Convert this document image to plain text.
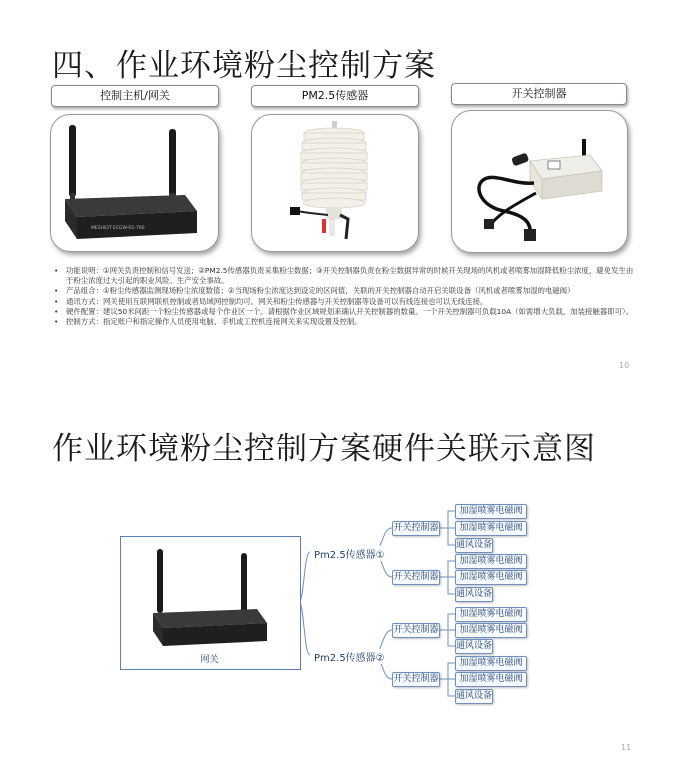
四、作业环境粉尘控制方案
控制主机/网关	PM2.5传感器	开关控制器
MESHIOT ECGW-R1-760

• 功能说明：①网关负责控制和信号发送；②PM2.5传感器负责采集粉尘数据；③开关控制器负责在粉尘数据异常的时候开关现场的风机或者喷雾加湿降低粉尘浓度，避免发生由于粉尘浓度过大引起的职业风险、生产安全事故。

• 产品组合：①粉尘传感器监测现场粉尘浓度数值；②当现场粉尘浓度达到设定的区间值，关联的开关控制器自动开启关联设备（风机或者喷雾加湿的电磁阀）

• 通讯方式：网关使用互联网联机控制或者局域网控制均可。网关和粉尘传感器与开关控制器等设备可以有线连接也可以无线连接。

• 硬件配置：建议50米间距一个粉尘传感器或每个作业区一个。请根据作业区域规划来确认开关控制器的数量。一个开关控制器可负载10A（如需增大负载，加装接触器即可）。

• 控制方式：指定账户和指定操作人员使用电脑、手机或工控机连接网关来实现设置及控制。

10
作业环境粉尘控制方案硬件关联示意图
网关
Pm2.5传感器①
Pm2.5传感器②
开关控制器
开关控制器
开关控制器
开关控制器
加湿喷雾电磁阀
加湿喷雾电磁阀
通风设备
加湿喷雾电磁阀
加湿喷雾电磁阀
通风设备
加湿喷雾电磁阀
加湿喷雾电磁阀
通风设备
加湿喷雾电磁阀
加湿喷雾电磁阀
通风设备
11
